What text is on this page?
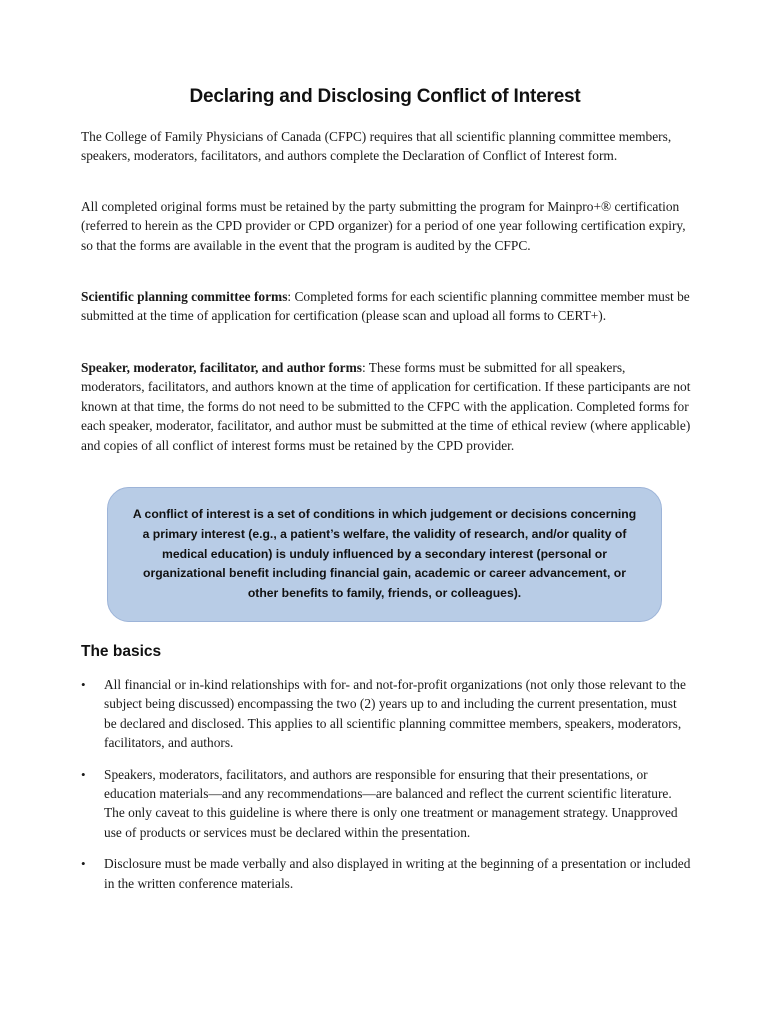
Declaring and Disclosing Conflict of Interest

The College of Family Physicians of Canada (CFPC) requires that all scientific planning committee members, speakers, moderators, facilitators, and authors complete the Declaration of Conflict of Interest form.

All completed original forms must be retained by the party submitting the program for Mainpro+® certification (referred to herein as the CPD provider or CPD organizer) for a period of one year following certification expiry, so that the forms are available in the event that the program is audited by the CFPC.

Scientific planning committee forms: Completed forms for each scientific planning committee member must be submitted at the time of application for certification (please scan and upload all forms to CERT+).

Speaker, moderator, facilitator, and author forms: These forms must be submitted for all speakers, moderators, facilitators, and authors known at the time of application for certification. If these participants are not known at that time, the forms do not need to be submitted to the CFPC with the application. Completed forms for each speaker, moderator, facilitator, and author must be submitted at the time of ethical review (where applicable) and copies of all conflict of interest forms must be retained by the CPD provider.

A conflict of interest is a set of conditions in which judgement or decisions concerning a primary interest (e.g., a patient’s welfare, the validity of research, and/or quality of medical education) is unduly influenced by a secondary interest (personal or organizational benefit including financial gain, academic or career advancement, or other benefits to family, friends, or colleagues).
The basics
• All financial or in-kind relationships with for- and not-for-profit organizations (not only those relevant to the subject being discussed) encompassing the two (2) years up to and including the current presentation, must be declared and disclosed. This applies to all scientific planning committee members, speakers, moderators, facilitators, and authors.
• Speakers, moderators, facilitators, and authors are responsible for ensuring that their presentations, or education materials—and any recommendations—are balanced and reflect the current scientific literature. The only caveat to this guideline is where there is only one treatment or management strategy. Unapproved use of products or services must be declared within the presentation.
• Disclosure must be made verbally and also displayed in writing at the beginning of a presentation or included in the written conference materials.
